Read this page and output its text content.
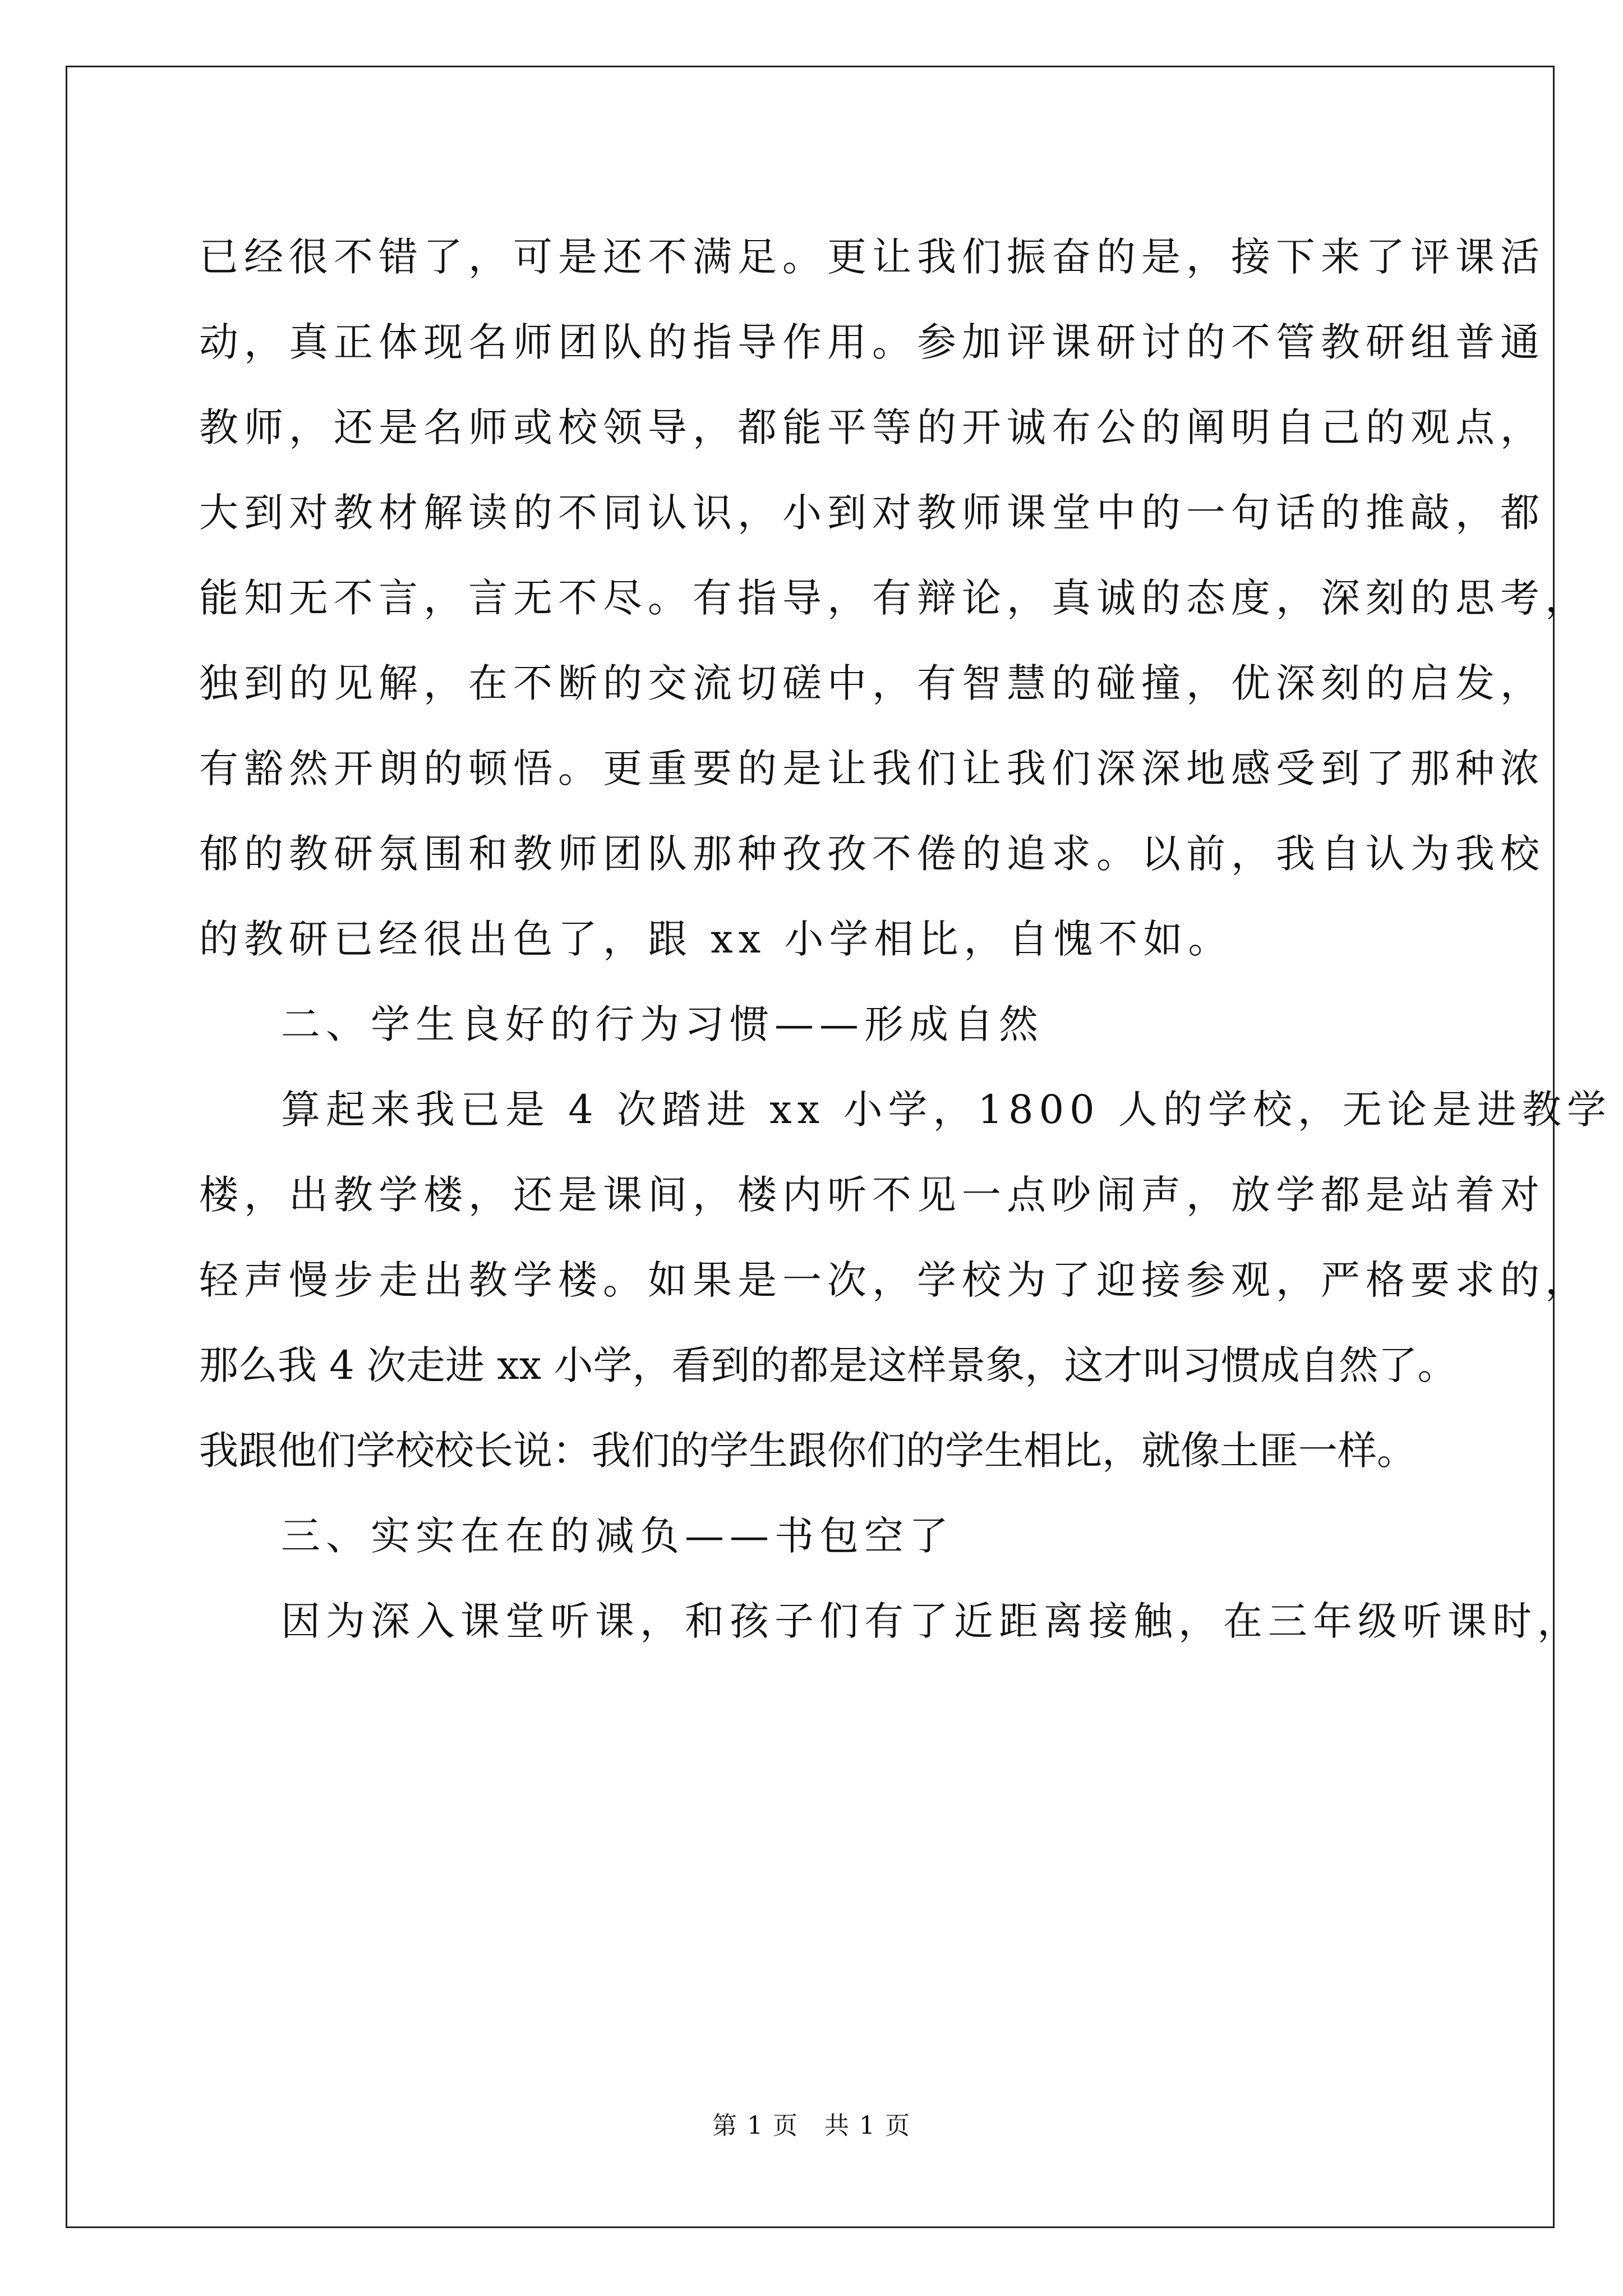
已经很不错了，可是还不满足。更让我们振奋的是，接下来了评课活
动，真正体现名师团队的指导作用。参加评课研讨的不管教研组普通
教师，还是名师或校领导，都能平等的开诚布公的阐明自己的观点，
大到对教材解读的不同认识，小到对教师课堂中的一句话的推敲，都
能知无不言，言无不尽。有指导，有辩论，真诚的态度，深刻的思考，
独到的见解，在不断的交流切磋中，有智慧的碰撞，优深刻的启发，
有豁然开朗的顿悟。更重要的是让我们让我们深深地感受到了那种浓
郁的教研氛围和教师团队那种孜孜不倦的追求。以前，我自认为我校
的教研已经很出色了，跟 xx 小学相比，自愧不如。
二、学生良好的行为习惯——形成自然
算起来我已是 4 次踏进 xx 小学，1800 人的学校，无论是进教学
楼，出教学楼，还是课间，楼内听不见一点吵闹声，放学都是站着对
轻声慢步走出教学楼。如果是一次，学校为了迎接参观，严格要求的，
那么我 4 次走进 xx 小学，看到的都是这样景象，这才叫习惯成自然了。
我跟他们学校校长说：我们的学生跟你们的学生相比，就像土匪一样。
三、实实在在的减负——书包空了
因为深入课堂听课，和孩子们有了近距离接触，在三年级听课时，
第 1 页　共 1 页
